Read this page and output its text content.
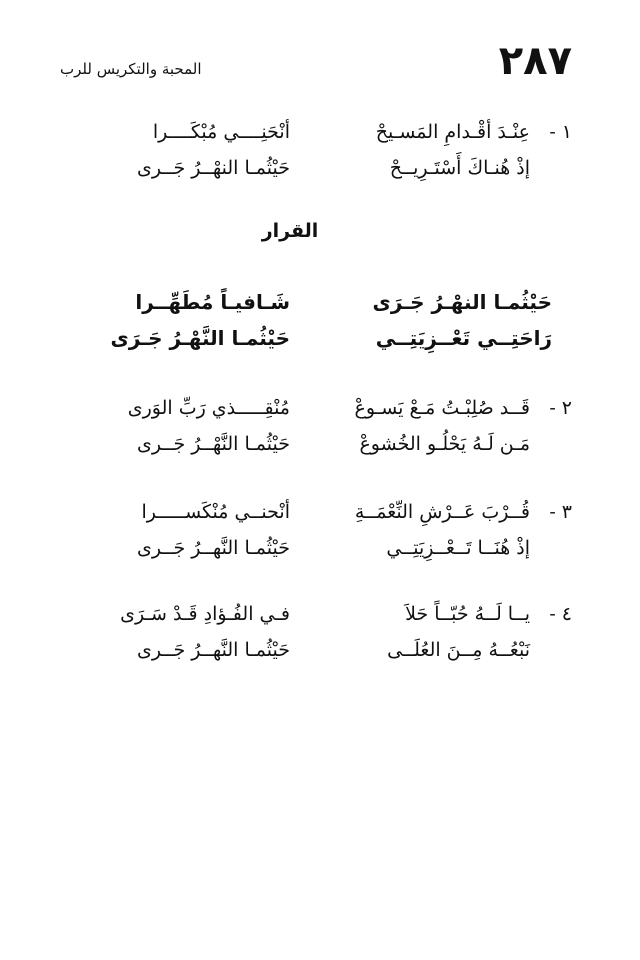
٢٨٧
المحبة والتكريس للرب
١ -
عِنْـدَ أقْـدامِ المَسـيحْ
أنْحَنِــــي مُبْكَــــرا
إذْ هُنـاكَ أَسْتَـرِيــحْ
حَيْثُمـا النهْــرُ جَــرى
القرار
حَيْثُمـا النهْـرُ جَـرَى
شَـافيـاً مُطَهِّــرا
رَاحَتِــي تَعْــزِيَتِــي
حَيْثُمـا النَّهْـرُ جَـرَى
٢ -
قَــد صُلِبْـتُ مَـعْ يَسـوعْ
مُنْقِـــــذي رَبِّ الوَرى
مَـن لَـهُ يَحْلُـو الخُشوعْ
حَيْثُمـا النَّهْــرُ جَــرى
٣ -
قُــرْبَ عَــرْشِ النِّعْمَــةِ
أنْحنــي مُنْكَســـــرا
إذْ هُنَــا تَــعْــزِيَتِــي
حَيْثُمـا النَّهــرُ جَــرى
٤ -
يــا لَــهُ حُبّــاً حَلاَ
فـي الفُـؤادِ قَـدْ سَـرَى
نَبْعُــهُ مِــنَ العُلَــى
حَيْثُمـا النَّهــرُ جَــرى
